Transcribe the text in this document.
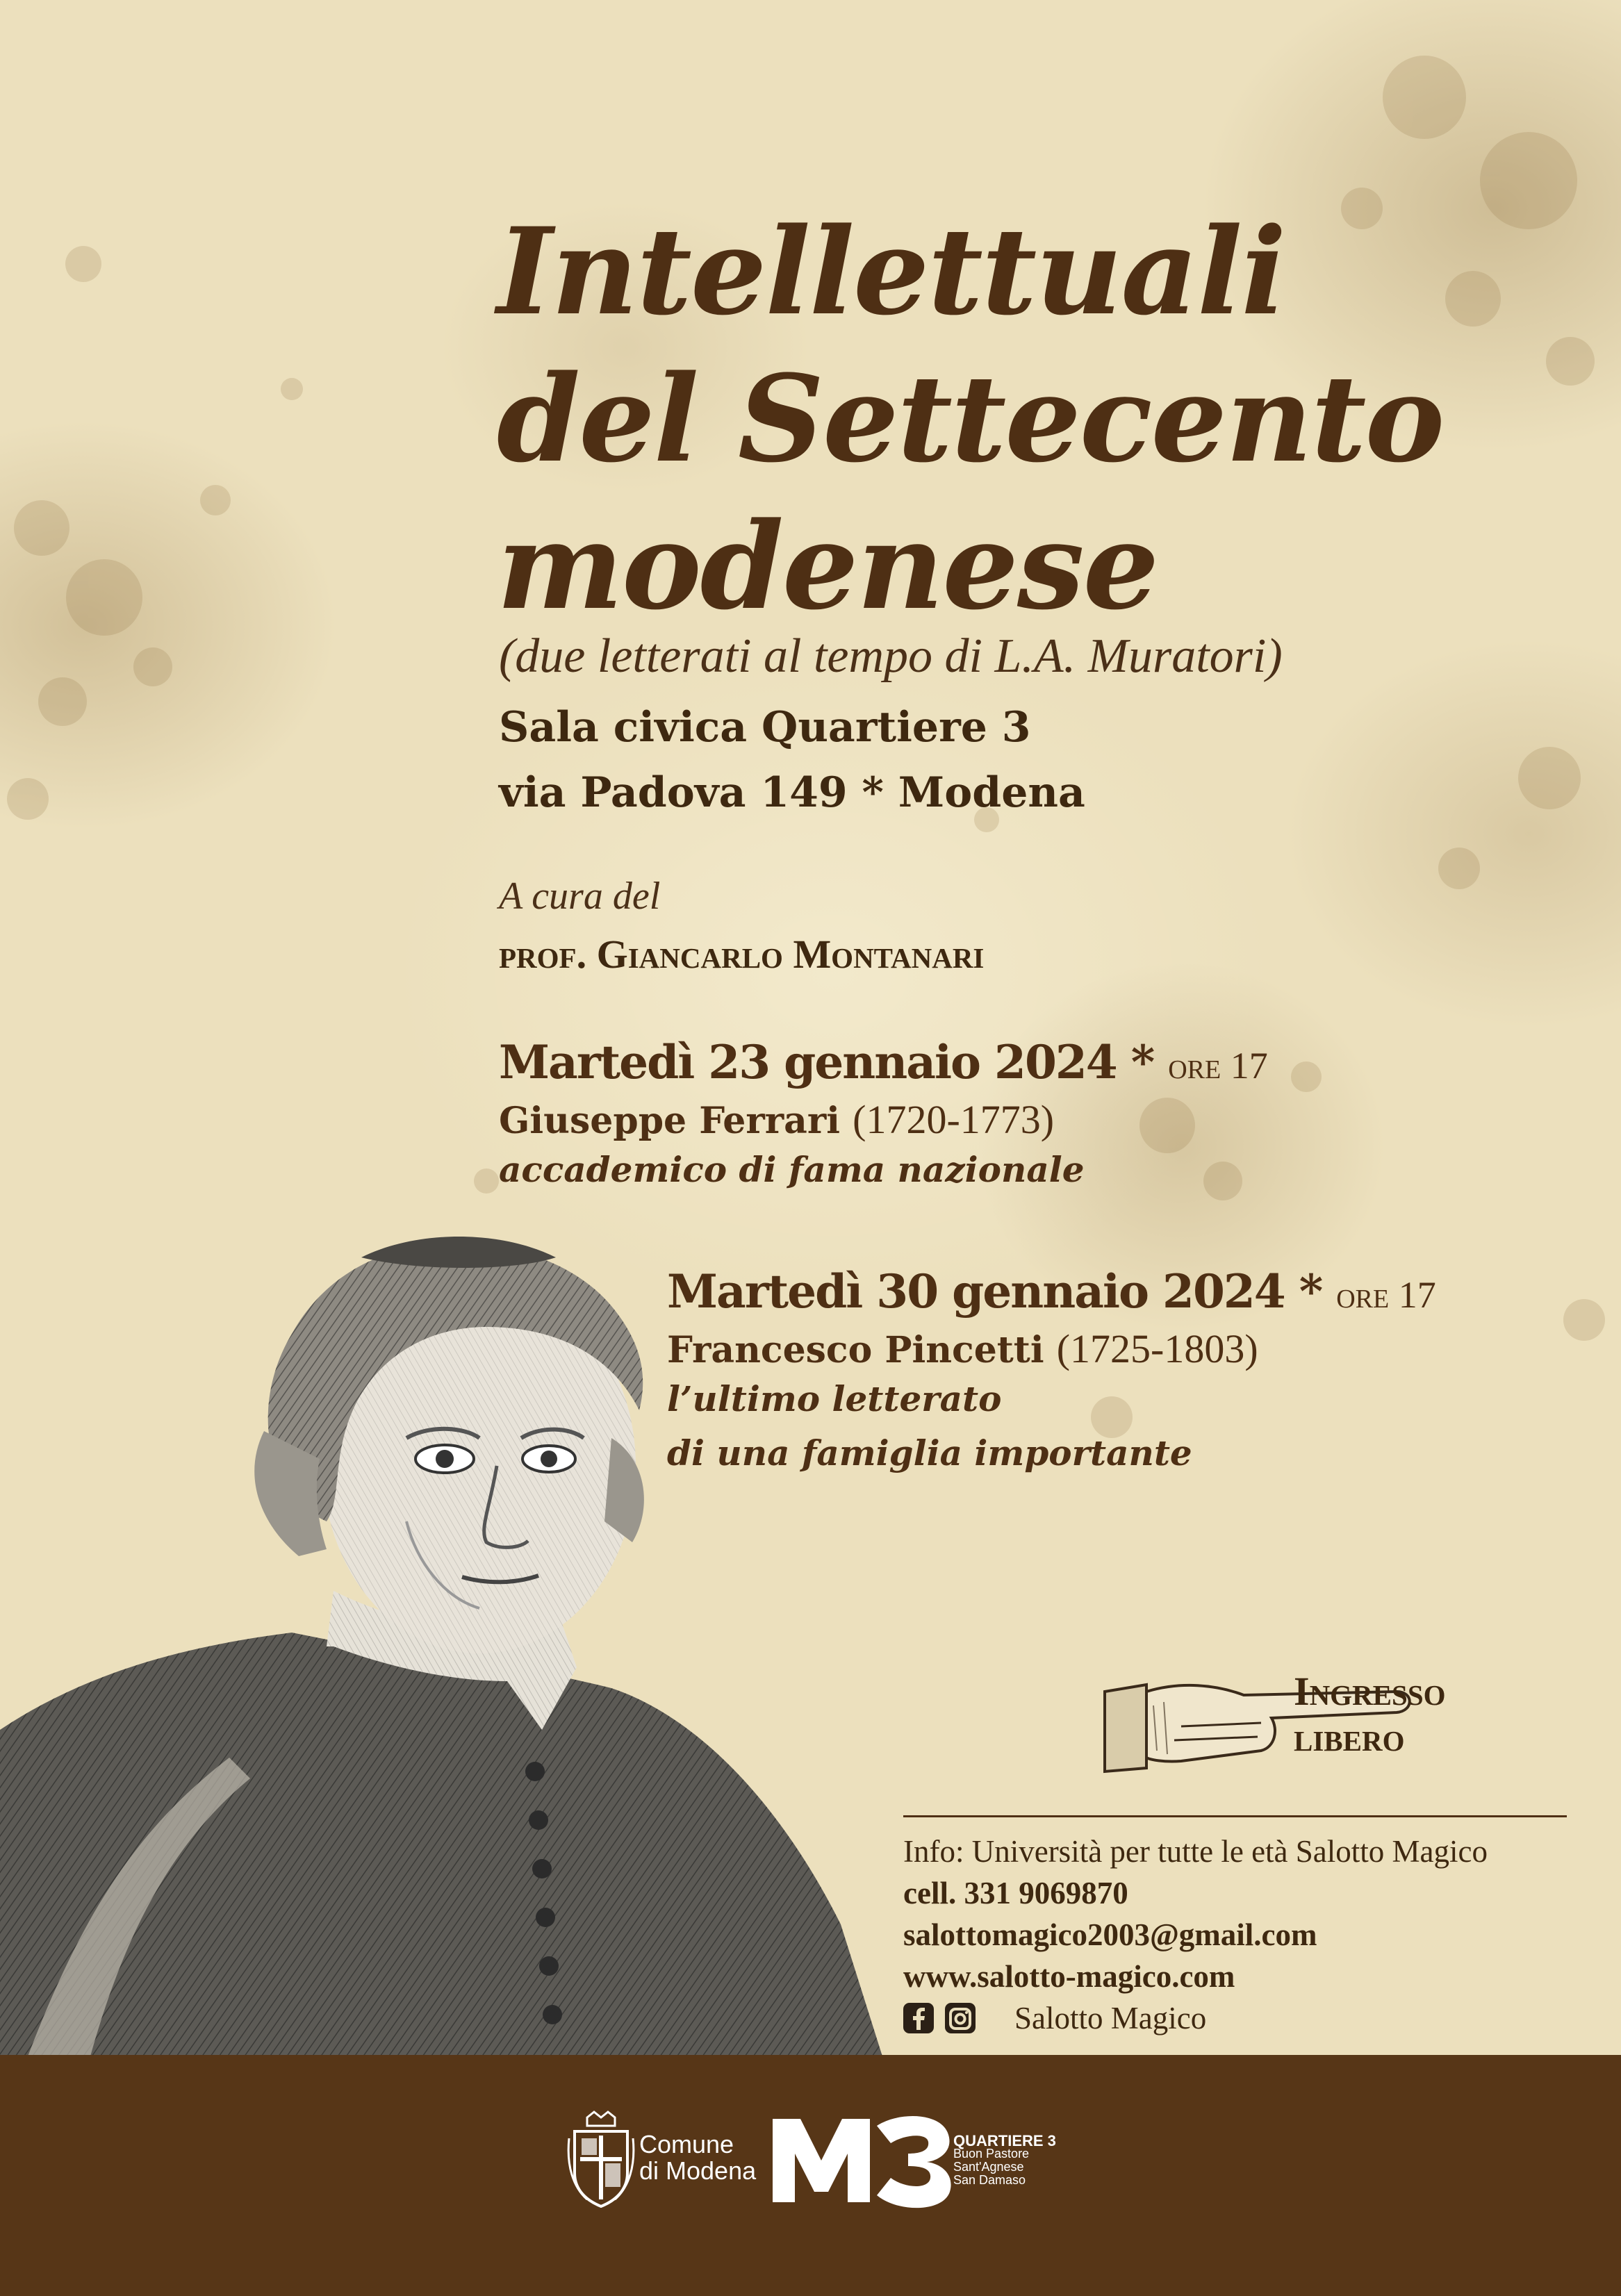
Intellettuali
del Settecento
modenese
(due letterati al tempo di L.A. Muratori)
Sala civica Quartiere 3
via Padova 149 * Modena
A cura del
prof. Giancarlo Montanari
Martedì 23 gennaio 2024 * ore 17
Giuseppe Ferrari (1720-1773)
accademico di fama nazionale
Martedì 30 gennaio 2024 * ore 17
Francesco Pincetti (1725-1803)
l’ultimo letterato
di una famiglia importante
Ingresso
libero
Info: Università per tutte le età Salotto Magico
cell. 331 9069870
salottomagico2003@gmail.com
www.salotto-magico.com
Salotto Magico
Comune
di Modena
QUARTIERE 3
Buon Pastore
Sant'Agnese
San Damaso
